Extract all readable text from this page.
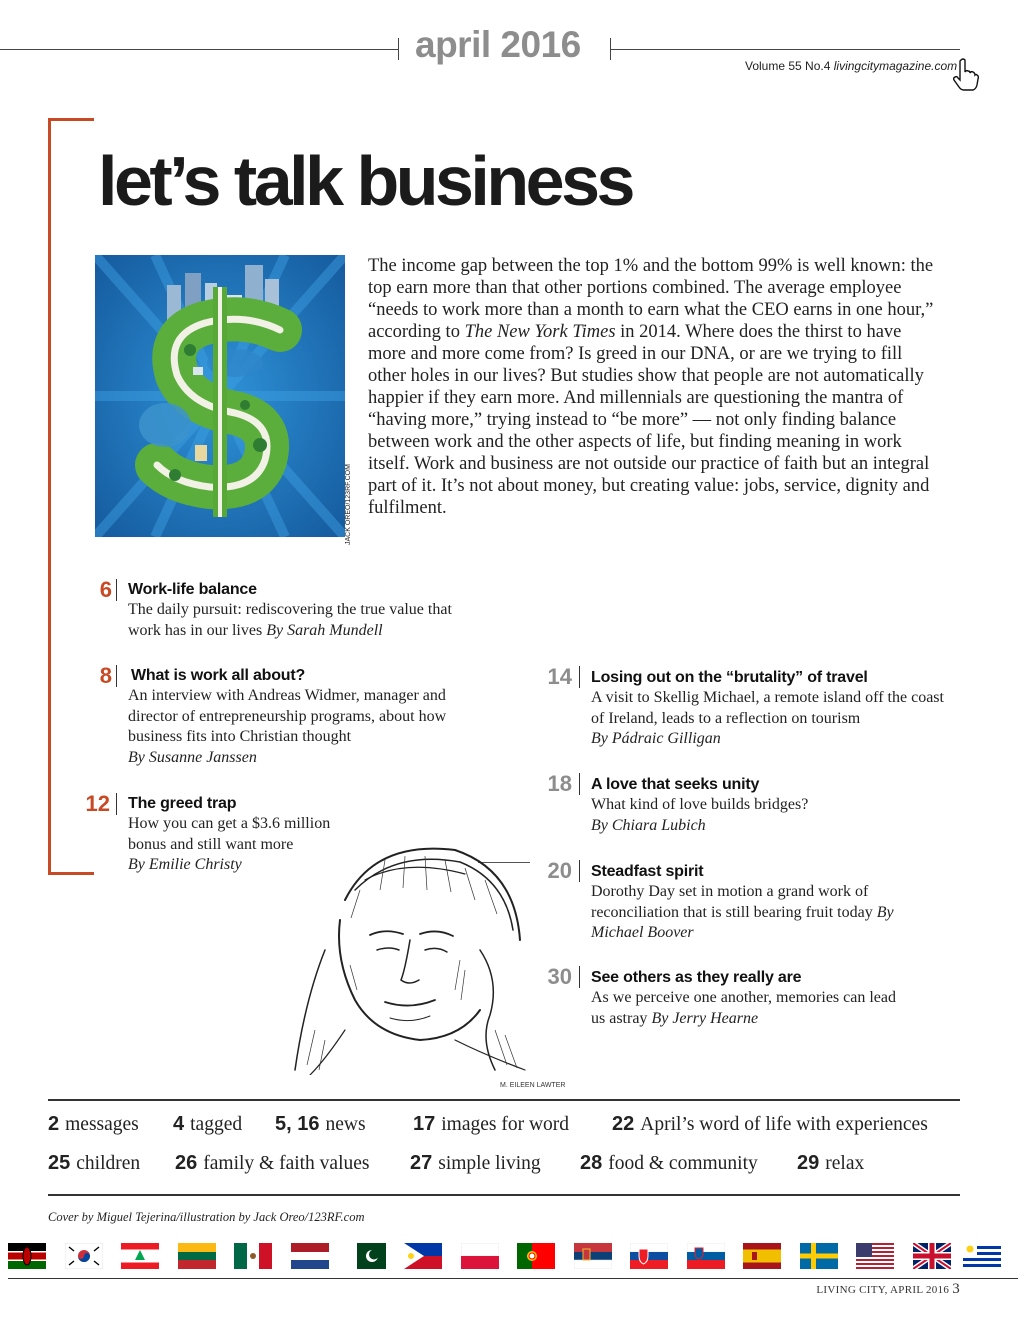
april 2016
Volume 55 No.4 livingcitymagazine.com
let’s talk business
JACK OREO/123RF.COM
The income gap between the top 1% and the bottom 99% is well known: the top earn more than that other portions combined. The average employee “needs to work more than a month to earn what the CEO earns in one hour,” according to The New York Times in 2014. Where does the thirst to have more and more come from? Is greed in our DNA, or are we trying to fill other holes in our lives? But studies show that people are not automatically happier if they earn more. And millennials are questioning the mantra of “having more,” trying instead to “be more” — not only finding balance between work and the other aspects of life, but finding meaning in work itself. Work and business are not outside our practice of faith but an integral part of it. It’s not about money, but creating value: jobs, service, dignity and fulfilment.
6 Work-life balance
The daily pursuit: rediscovering the true value that work has in our lives By Sarah Mundell
8 What is work all about?
An interview with Andreas Widmer, manager and director of entrepreneurship programs, about how business fits into Christian thought
By Susanne Janssen
12 The greed trap
How you can get a $3.6 million bonus and still want more
By Emilie Christy
14 Losing out on the “brutality” of travel
A visit to Skellig Michael, a remote island off the coast of Ireland, leads to a reflection on tourism
By Pádraic Gilligan
18 A love that seeks unity
What kind of love builds bridges?
By Chiara Lubich
20 Steadfast spirit
Dorothy Day set in motion a grand work of reconciliation that is still bearing fruit today By Michael Boover
30 See others as they really are
As we perceive one another, memories can lead us astray By Jerry Hearne
M. EILEEN LAWTER
2 messages 4 tagged 5, 16 news 17 images for word 22 April’s word of life with experiences
25 children 26 family & faith values 27 simple living 28 food & community 29 relax
Cover by Miguel Tejerina/illustration by Jack Oreo/123RF.com
LIVING CITY, APRIL 2016 3
